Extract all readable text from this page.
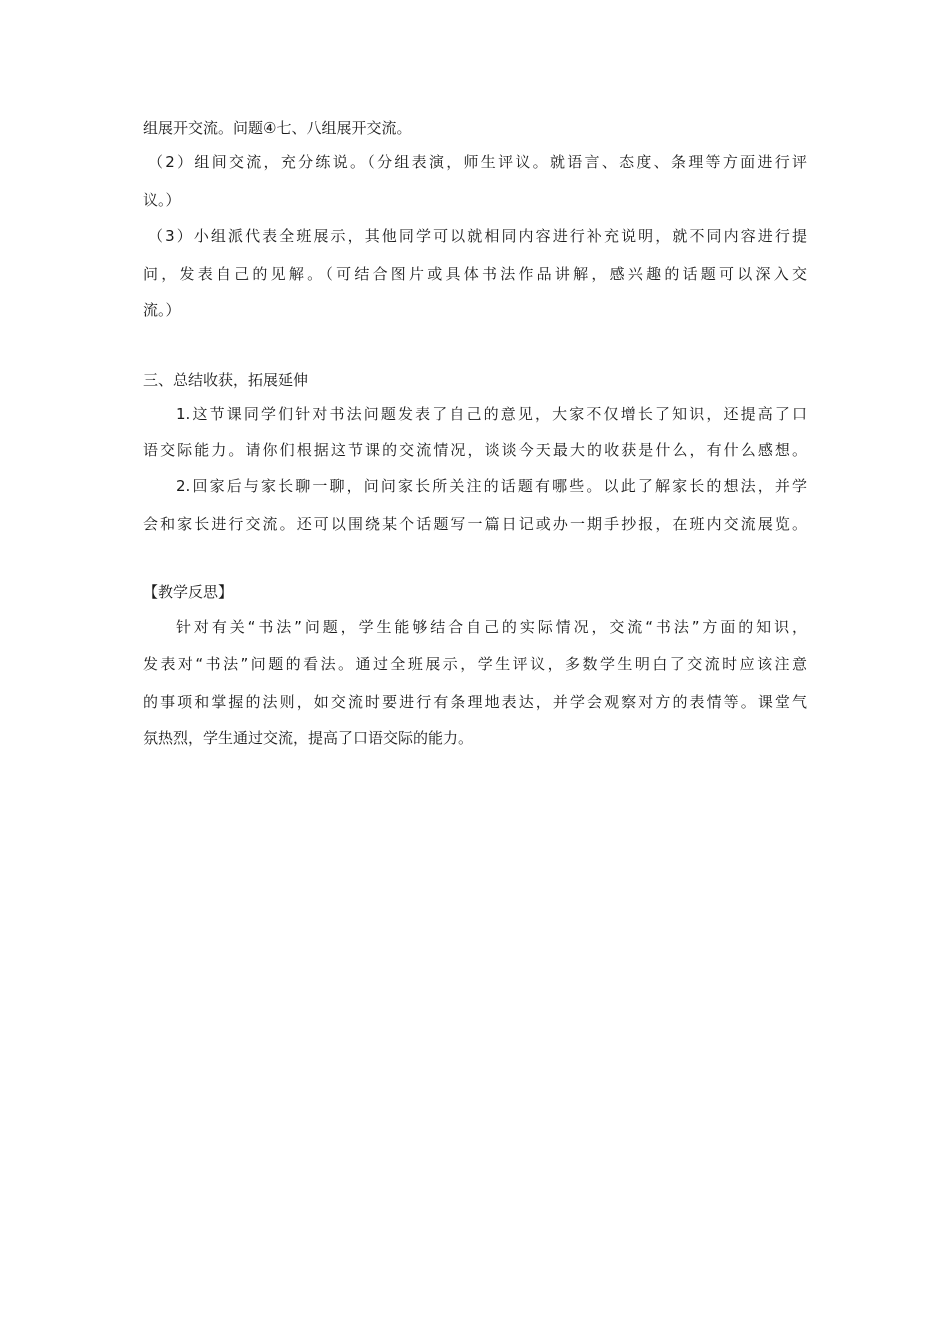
组展开交流。问题④七、八组展开交流。
（2）组间交流，充分练说。（分组表演，师生评议。就语言、态度、条理等方面进行评
议。）
（3）小组派代表全班展示，其他同学可以就相同内容进行补充说明，就不同内容进行提
问，发表自己的见解。（可结合图片或具体书法作品讲解，感兴趣的话题可以深入交
流。）
三、总结收获，拓展延伸
1.这节课同学们针对书法问题发表了自己的意见，大家不仅增长了知识，还提高了口
语交际能力。请你们根据这节课的交流情况，谈谈今天最大的收获是什么，有什么感想。
2.回家后与家长聊一聊，问问家长所关注的话题有哪些。以此了解家长的想法，并学
会和家长进行交流。还可以围绕某个话题写一篇日记或办一期手抄报，在班内交流展览。
【教学反思】
针对有关“书法”问题，学生能够结合自己的实际情况，交流“书法”方面的知识，
发表对“书法”问题的看法。通过全班展示，学生评议，多数学生明白了交流时应该注意
的事项和掌握的法则，如交流时要进行有条理地表达，并学会观察对方的表情等。课堂气
氛热烈，学生通过交流，提高了口语交际的能力。
